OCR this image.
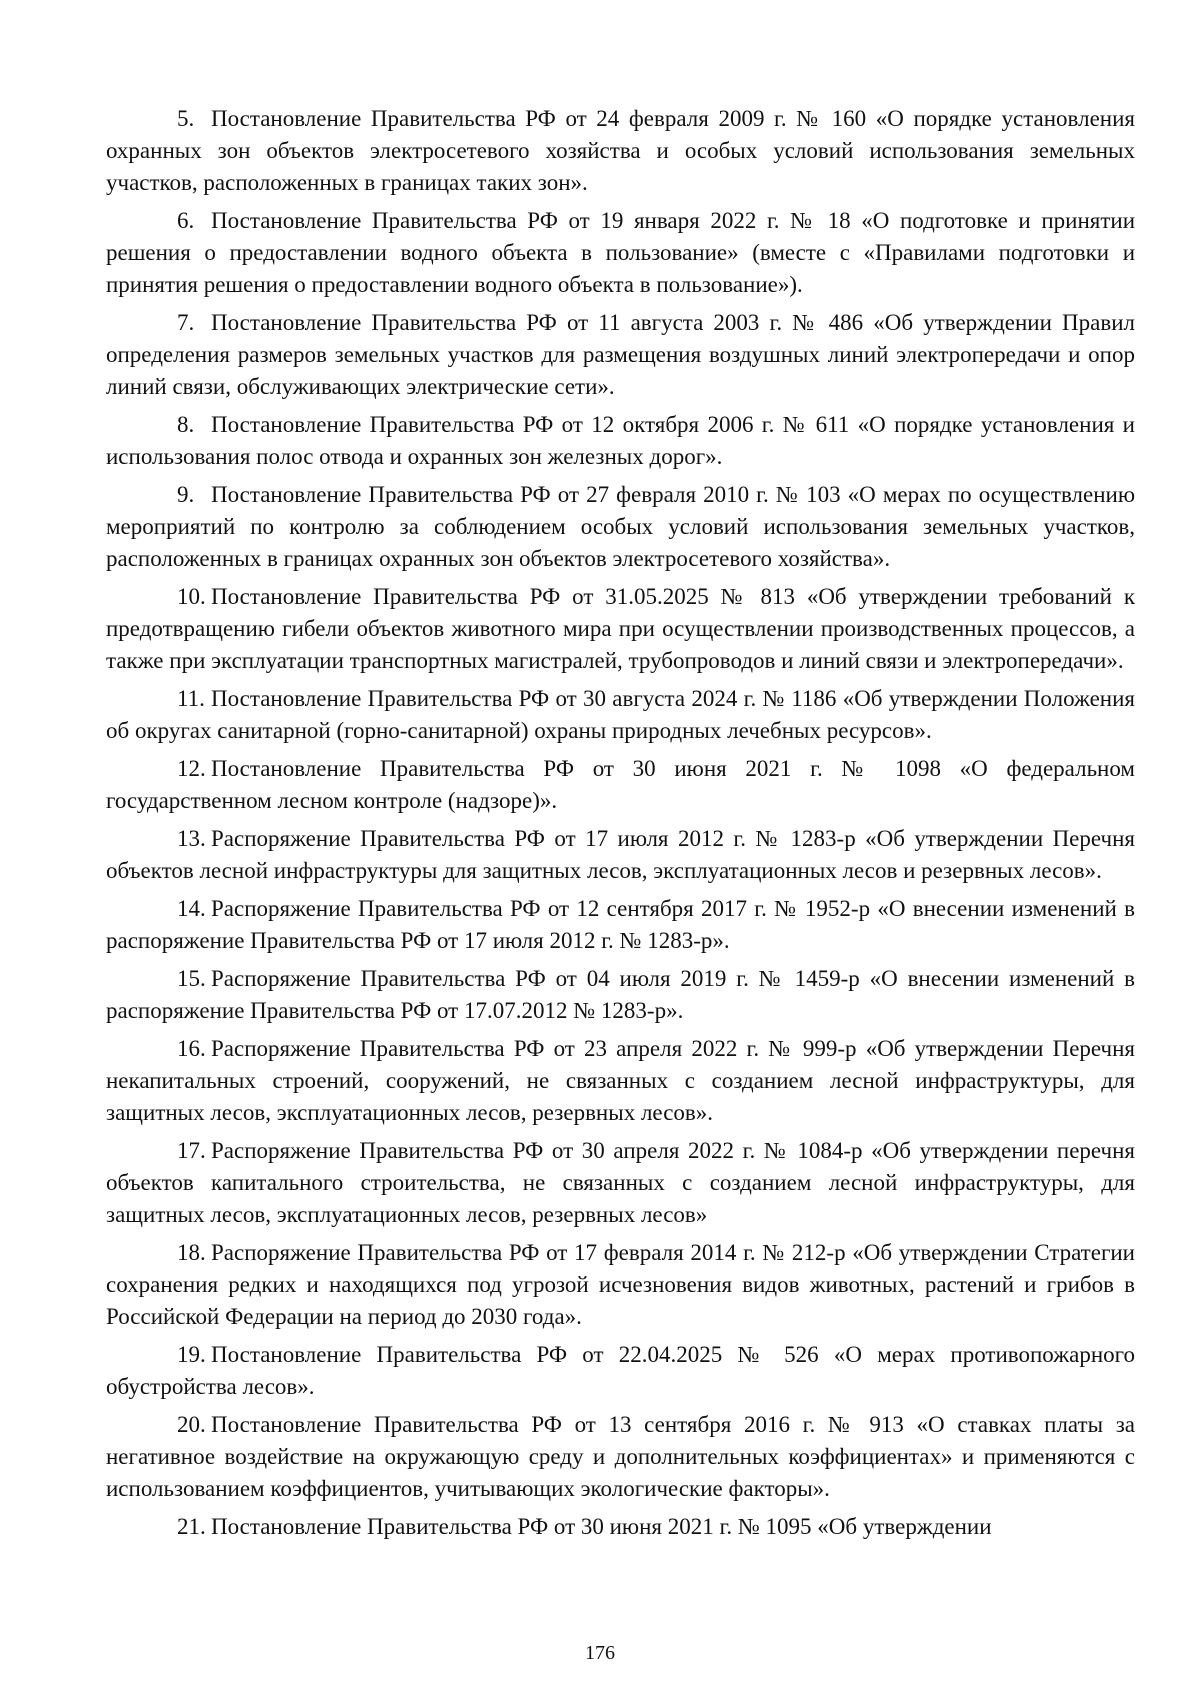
5. Постановление Правительства РФ от 24 февраля 2009 г. № 160 «О порядке установления охранных зон объектов электросетевого хозяйства и особых условий использования земельных участков, расположенных в границах таких зон».

6. Постановление Правительства РФ от 19 января 2022 г. № 18 «О подготовке и принятии решения о предоставлении водного объекта в пользование» (вместе с «Правилами подготовки и принятия решения о предоставлении водного объекта в пользование»).

7. Постановление Правительства РФ от 11 августа 2003 г. № 486 «Об утверждении Правил определения размеров земельных участков для размещения воздушных линий электропередачи и опор линий связи, обслуживающих электрические сети».

8. Постановление Правительства РФ от 12 октября 2006 г. № 611 «О порядке установления и использования полос отвода и охранных зон железных дорог».

9. Постановление Правительства РФ от 27 февраля 2010 г. № 103 «О мерах по осуществлению мероприятий по контролю за соблюдением особых условий использования земельных участков, расположенных в границах охранных зон объектов электросетевого хозяйства».

10. Постановление Правительства РФ от 31.05.2025 № 813 «Об утверждении требований к предотвращению гибели объектов животного мира при осуществлении производственных процессов, а также при эксплуатации транспортных магистралей, трубопроводов и линий связи и электропередачи».

11. Постановление Правительства РФ от 30 августа 2024 г. № 1186 «Об утверждении Положения об округах санитарной (горно-санитарной) охраны природных лечебных ресурсов».

12. Постановление Правительства РФ от 30 июня 2021 г. № 1098 «О федеральном государственном лесном контроле (надзоре)».

13. Распоряжение Правительства РФ от 17 июля 2012 г. № 1283-р «Об утверждении Перечня объектов лесной инфраструктуры для защитных лесов, эксплуатационных лесов и резервных лесов».

14. Распоряжение Правительства РФ от 12 сентября 2017 г. № 1952-р «О внесении изменений в распоряжение Правительства РФ от 17 июля 2012 г. № 1283-р».

15. Распоряжение Правительства РФ от 04 июля 2019 г. № 1459-р «О внесении изменений в распоряжение Правительства РФ от 17.07.2012 № 1283-р».

16. Распоряжение Правительства РФ от 23 апреля 2022 г. № 999-р «Об утверждении Перечня некапитальных строений, сооружений, не связанных с созданием лесной инфраструктуры, для защитных лесов, эксплуатационных лесов, резервных лесов».

17. Распоряжение Правительства РФ от 30 апреля 2022 г. № 1084-р «Об утверждении перечня объектов капитального строительства, не связанных с созданием лесной инфраструктуры, для защитных лесов, эксплуатационных лесов, резервных лесов»

18. Распоряжение Правительства РФ от 17 февраля 2014 г. № 212-р «Об утверждении Стратегии сохранения редких и находящихся под угрозой исчезновения видов животных, растений и грибов в Российской Федерации на период до 2030 года».

19. Постановление Правительства РФ от 22.04.2025 № 526 «О мерах противопожарного обустройства лесов».

20. Постановление Правительства РФ от 13 сентября 2016 г. № 913 «О ставках платы за негативное воздействие на окружающую среду и дополнительных коэффициентах» и применяются с использованием коэффициентов, учитывающих экологические факторы».

21. Постановление Правительства РФ от 30 июня 2021 г. № 1095 «Об утверждении

176
